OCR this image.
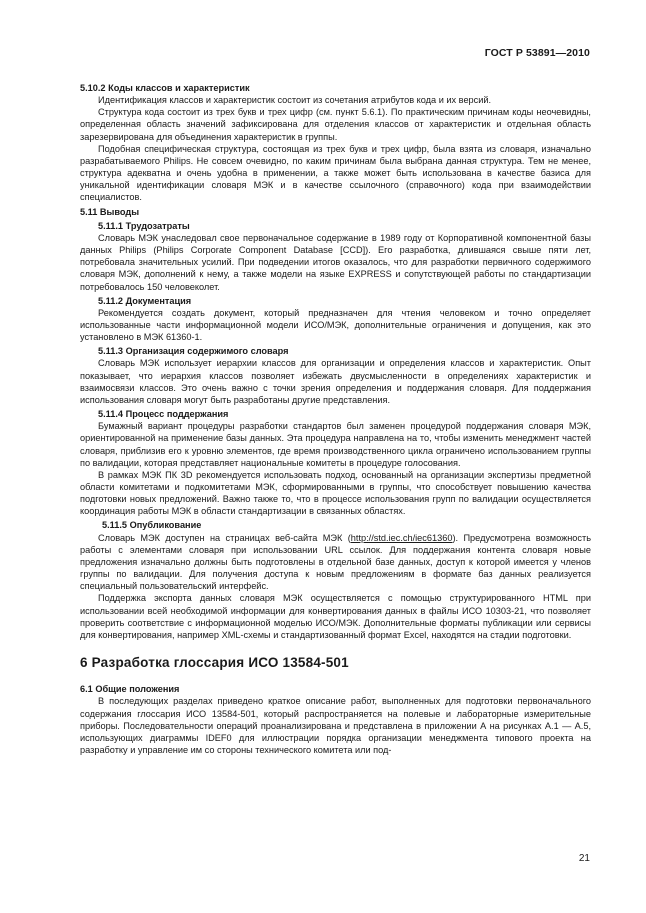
ГОСТ Р 53891—2010
5.10.2 Коды классов и характеристик

Идентификация классов и характеристик состоит из сочетания атрибутов кода и их версий.

Структура кода состоит из трех букв и трех цифр (см. пункт 5.6.1). По практическим причинам коды неочевидны, определенная область значений зафиксирована для отделения классов от характеристик и отдельная область зарезервирована для объединения характеристик в группы.

Подобная специфическая структура, состоящая из трех букв и трех цифр, была взята из словаря, изначально разрабатываемого Philips. Не совсем очевидно, по каким причинам была выбрана данная структура. Тем не менее, структура адекватна и очень удобна в применении, а также может быть использована в качестве базиса для уникальной идентификации словаря МЭК и в качестве ссылочного (справочного) кода при взаимодействии специалистов.

5.11 Выводы
5.11.1 Трудозатраты

Словарь МЭК унаследовал свое первоначальное содержание в 1989 году от Корпоративной компонентной базы данных Philips (Philips Corporate Component Database [CCD]). Его разработка, длившаяся свыше пяти лет, потребовала значительных усилий. При подведении итогов оказалось, что для разработки первичного содержимого словаря МЭК, дополнений к нему, а также модели на языке EXPRESS и сопутствующей работы по стандартизации потребовалось 150 человеколет.

5.11.2 Документация

Рекомендуется создать документ, который предназначен для чтения человеком и точно определяет использованные части информационной модели ИСО/МЭК, дополнительные ограничения и допущения, как это установлено в МЭК 61360-1.

5.11.3 Организация содержимого словаря

Словарь МЭК использует иерархии классов для организации и определения классов и характеристик. Опыт показывает, что иерархия классов позволяет избежать двусмысленности в определениях характеристик и взаимосвязи классов. Это очень важно с точки зрения определения и поддержания словаря. Для поддержания использования словаря могут быть разработаны другие представления.

5.11.4 Процесс поддержания

Бумажный вариант процедуры разработки стандартов был заменен процедурой поддержания словаря МЭК, ориентированной на применение базы данных. Эта процедура направлена на то, чтобы изменить менеджмент частей словаря, приблизив его к уровню элементов, где время производственного цикла ограничено использованием группы по валидации, которая представляет национальные комитеты в процедуре голосования.

В рамках МЭК ПК 3D рекомендуется использовать подход, основанный на организации экспертизы предметной области комитетами и подкомитетами МЭК, сформированными в группы, что способствует повышению качества подготовки новых предложений. Важно также то, что в процессе использования групп по валидации осуществляется координация работы МЭК в области стандартизации в связанных областях.

5.11.5 Опубликование

Словарь МЭК доступен на страницах веб-сайта МЭК (http://std.iec.ch/iec61360). Предусмотрена возможность работы с элементами словаря при использовании URL ссылок. Для поддержания контента словаря новые предложения изначально должны быть подготовлены в отдельной базе данных, доступ к которой имеется у членов группы по валидации. Для получения доступа к новым предложениям в формате баз данных реализуется специальный пользовательский интерфейс.

Поддержка экспорта данных словаря МЭК осуществляется с помощью структурированного HTML при использовании всей необходимой информации для конвертирования данных в файлы ИСО 10303-21, что позволяет проверить соответствие с информационной моделью ИСО/МЭК. Дополнительные форматы публикации или сервисы для конвертирования, например XML-схемы и стандартизованный формат Excel, находятся на стадии подготовки.

6 Разработка глоссария ИСО 13584-501
6.1 Общие положения

В последующих разделах приведено краткое описание работ, выполненных для подготовки первоначального содержания глоссария ИСО 13584-501, который распространяется на полевые и лабораторные измерительные приборы. Последовательности операций проанализирована и представлена в приложении А на рисунках А.1 — А.5, использующих диаграммы IDEF0 для иллюстрации порядка организации менеджмента типового проекта на разработку и управление им со стороны технического комитета или под-

21
